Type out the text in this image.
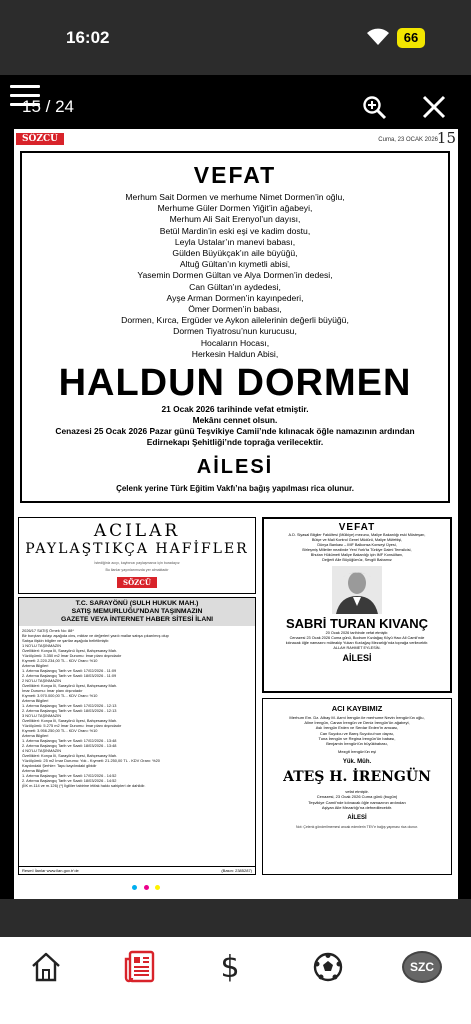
16:02	66
15 / 24
SÖZCÜ	Cuma, 23 OCAK 2026
15
VEFAT
Merhum Sait Dormen ve merhume Nimet Dormen’in oğlu,
Merhume Güler Dormen Yiğit’in ağabeyi,
Merhum Ali Sait Erenyol’un dayısı,
Betül Mardin’in eski eşi ve kadim dostu,
Leyla Ustalar’ın manevi babası,
Gülden Büyükçak’ın aile büyüğü,
Altuğ Gültan’ın kıymetli abisi,
Yasemin Dormen Gültan ve Alya Dormen’in dedesi,
Can Gültan’ın aydedesi,
Ayşe Arman Dormen’in kayınpederi,
Ömer Dormen’in babası,
Dormen, Kırca, Ergüder ve Aykon ailelerinin değerli büyüğü,
Dormen Tiyatrosu’nun kurucusu,
Hocaların Hocası,
Herkesin Haldun Abisi,
HALDUN DORMEN
21 Ocak 2026 tarihinde vefat etmiştir.
Mekânı cennet olsun.
Cenazesi 25 Ocak 2026 Pazar günü Teşvikiye Camii’nde kılınacak öğle namazının ardından
Edirnekapı Şehitliği’nde toprağa verilecektir.
AİLESİ
Çelenk yerine Türk Eğitim Vakfı’na bağış yapılması rica olunur.
ACILAR
PAYLAŞTIKÇA HAFİFLER
İstediğiniz acıyı, kaybınızı paylaşmanız için buradayız
Bu ilanlar yayınlarımızda yer almaktadır
SÖZCÜ
T.C. SARAYÖNÜ (SULH HUKUK MAH.)
SATIŞ MEMURLUĞU'NDAN TAŞINMAZIN
GAZETE VEYA İNTERNET HABER SİTESİ İLANI
2026/17 SATIŞ Örnek No: 88*
Bir borçtan dolayı aşağıda cins, miktar ve değerleri yazılı mallar satışa çıkarılmış olup
Satışa ilişkin bilgiler ve şartlar aşağıda belirtilmiştir.
1 NO'LU TAŞINMAZIN
Özellikleri: Konya İli, Sarayönü İlçesi, Bahçesaray Mah.
Yüzölçümü: 3.350 m2 İmar Durumu: İmar planı dışındadır
Kıymeti: 2.220.234,00 TL - KDV Oranı: %10
Artırma Bilgileri
1. Artırma Başlangıç Tarih ve Saati: 17/02/2026 - 11:09
2. Artırma Başlangıç Tarih ve Saati: 18/03/2026 - 11:09
2 NO'LU TAŞINMAZIN
Özellikleri: Konya İli, Sarayönü İlçesi, Bahçesaray Mah.
İmar Durumu: İmar planı dışındadır
Kıymeti: 3.970.000,00 TL - KDV Oranı: %10
Artırma Bilgileri
1. Artırma Başlangıç Tarih ve Saati: 17/02/2026 - 12:13
2. Artırma Başlangıç Tarih ve Saati: 18/03/2026 - 12:13
3 NO'LU TAŞINMAZIN
Özellikleri: Konya İli, Sarayönü İlçesi, Bahçesaray Mah.
Yüzölçümü: 5.275 m2 İmar Durumu: İmar planı dışındadır
Kıymeti: 3.956.250,00 TL - KDV Oranı: %10
Artırma Bilgileri
1. Artırma Başlangıç Tarih ve Saati: 17/02/2026 - 13:48
2. Artırma Başlangıç Tarih ve Saati: 18/03/2026 - 13:48
4 NO'LU TAŞINMAZIN
Özellikleri: Konya İli, Sarayönü İlçesi, Bahçesaray Mah.
Yüzölçümü: 25 m2 İmar Durumu: Yok - Kıymeti: 21.250,00 TL - KDV Oranı: %20
Kaydındaki Şerhler: Tapu kaydındaki gibidir
Artırma Bilgileri
1. Artırma Başlangıç Tarih ve Saati: 17/02/2026 - 14:52
2. Artırma Başlangıç Tarih ve Saati: 18/03/2026 - 14:52
(İİK m.114 ve m.126) (*) İlgililer tabirine irtifak hakkı sahipleri de dahildir.
Resmî İlanlar www.ilan.gov.tr’de	(Basın: 2385287)
VEFAT
A.D. Siyasal Bilgiler Fakültesi (Mülkiye) mezunu, Maliye Bakanlığı eski Müsteşarı,
Bütçe ve Mali Kontrol Genel Müdürü, Maliye Müfettişi,
Dünya Bankası – IMF Balkonsa Konseyi Üyesi,
Birleşmiş Milletler nezdinde Yeni York’ta Türkiye Daimi Temsilcisi,
Bhutan Hükümeti Maliye Bakanlığı için IMF Konsültanı,
Değerli Aile Büyüğümüz, Sevgili Babamız
SABRİ TURAN KIVANÇ
20 Ocak 2026 tarihinde vefat etmiştir.
Cenazesi 23 Ocak 2026 Cuma günü, Bodrum Kızılağaç Köyü Hacı Ali Camii’nde
kılınacak öğle namazını müteakip Yukarı Kızılağaç Mezarlığı’nda toprağa verilecektir.
ALLAH RAHMET EYLESİN.
AİLESİ
ACI KAYBIMIZ
Merhum Em. Dz. Albay M. Azmi İrengün ile merhume Nevin İrengün’ün oğlu,
Aline İrengün, Canan İrengün ve Deniz İrengün’ün ağabeyi,
Aslı İrengün Erden ve Serdar Erden’in amcası,
Can Suyolcu ve Barış Suyolcu’nun dayısı,
Tuna İrengün ve Regina İrengün’ün babası,
Benjamin İrengün’ün büyükbabası,
Mezgit İrengün’ün eşi
Yük. Müh.
ATEŞ H. İRENGÜN
vefat etmiştir.
Cenazesi, 23 Ocak 2026 Cuma günü (bugün)
Teşvikiye Camii’nde kılınacak öğle namazının ardından
Aşiyan Aile Mezarlığı’na defnedilecektir.
AİLESİ
Not: Çelenk gönderilmemesi ancak edenlerin TEV’e bağış yapması rica olunur.

$	SZC
